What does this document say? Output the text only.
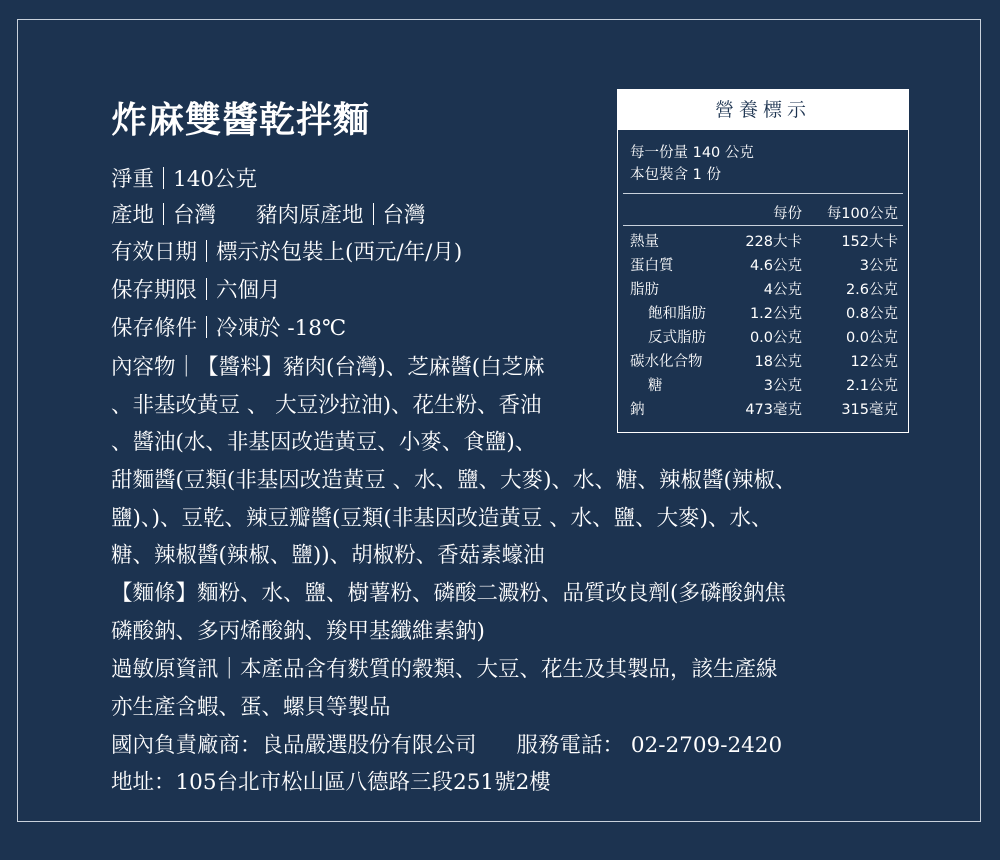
炸麻雙醬乾拌麵
淨重 140公克
產地 台灣 豬肉原產地 台灣
有效日期 標示於包裝上(西元/年/月)
保存期限 六個月
保存條件 冷凍於 -18℃
內容物｜【醬料】豬肉(台灣)、芝麻醬(白芝麻
、非基改黃豆 、 大豆沙拉油)、花生粉、香油
、醬油(水、非基因改造黃豆、小麥、食鹽)、
甜麵醬(豆類(非基因改造黃豆 、水、鹽、大麥)、水、糖、辣椒醬(辣椒、
鹽)、)、豆乾、辣豆瓣醬(豆類(非基因改造黃豆 、水、鹽、大麥)、水、
糖、辣椒醬(辣椒、鹽))、胡椒粉、香菇素蠔油
【麵條】麵粉、水、鹽、樹薯粉、磷酸二澱粉、品質改良劑(多磷酸鈉焦
磷酸鈉、多丙烯酸鈉、羧甲基纖維素鈉)
過敏原資訊｜本產品含有麩質的穀類、大豆、花生及其製品，該生產線
亦生產含蝦、蛋、螺貝等製品
國內負責廠商：良品嚴選股份有限公司 服務電話： 02-2709-2420
地址：105台北市松山區八德路三段251號2樓
營養標示
每一份量 140 公克
本包裝含 1 份
每份 每100公克
熱量	228大卡	152大卡
蛋白質	4.6公克	3公克
脂肪	4公克	2.6公克
飽和脂肪	1.2公克	0.8公克
反式脂肪	0.0公克	0.0公克
碳水化合物	18公克	12公克
糖	3公克	2.1公克
鈉	473毫克	315毫克
